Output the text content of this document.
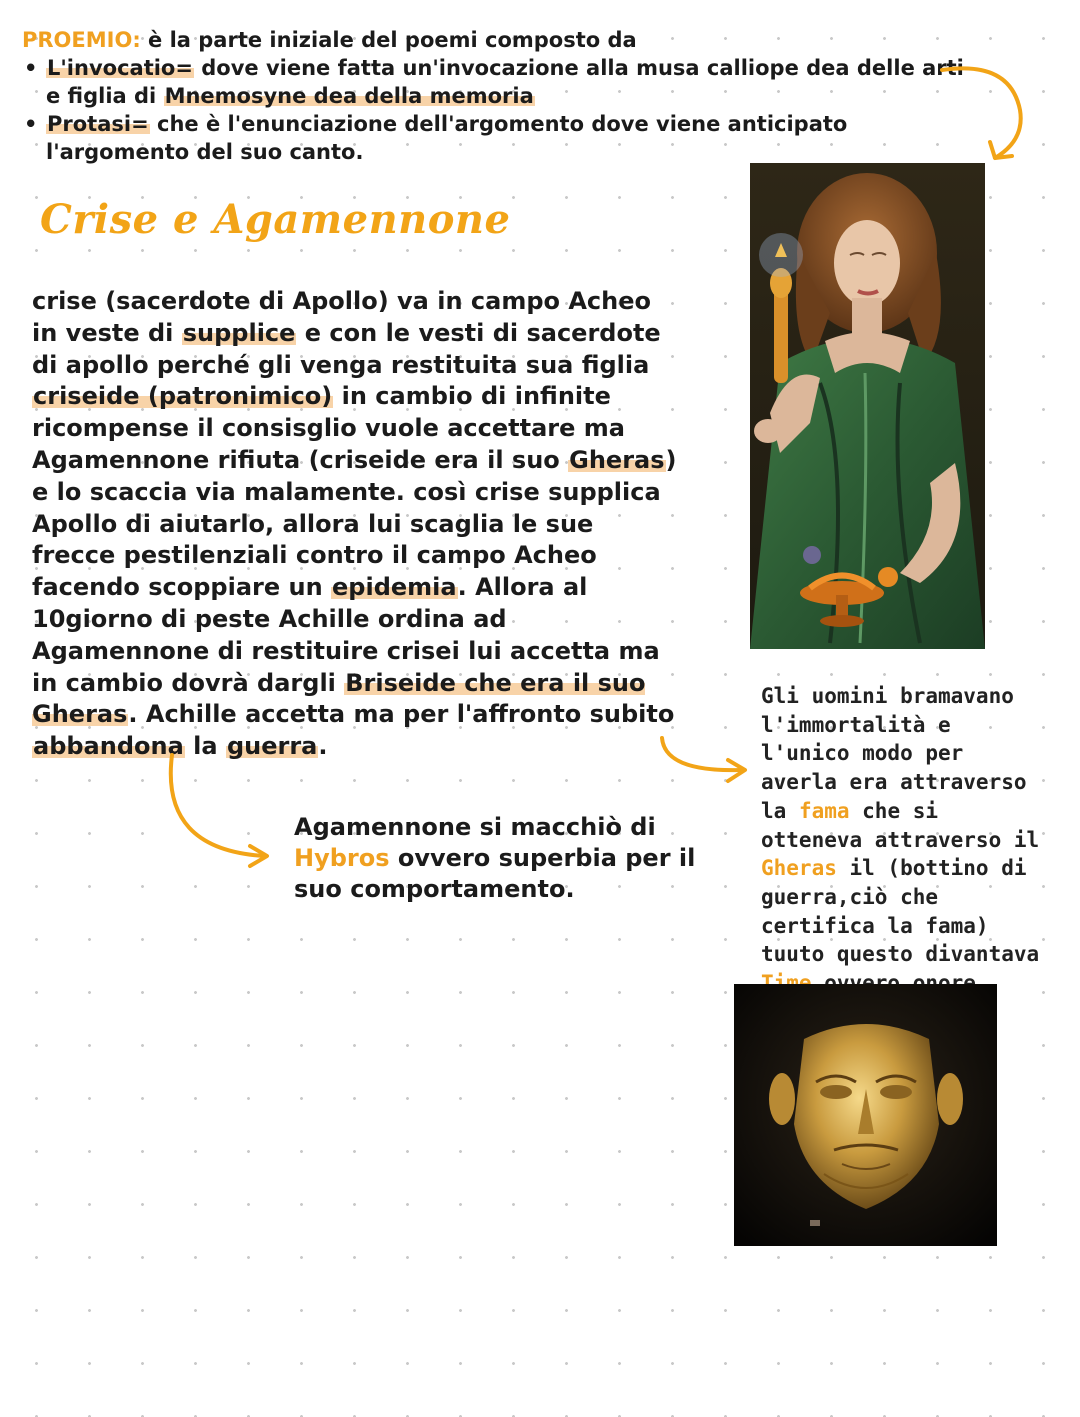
PROEMIO: è la parte iniziale del poemi composto da
• L'invocatio= dove viene fatta un'invocazione alla musa calliope dea delle arti e figlia di Mnemosyne dea della memoria
• Protasi= che è l'enunciazione dell'argomento dove viene anticipato l'argomento del suo canto.
Crise e Agamennone
crise (sacerdote di Apollo) va in campo Acheo in veste di supplice e con le vesti di sacerdote di apollo perché gli venga restituita sua figlia criseide (patronimico) in cambio di infinite ricompense il consisglio vuole accettare ma Agamennone rifiuta (criseide era il suo Gheras) e lo scaccia via malamente. così crise supplica Apollo di aiutarlo, allora lui scaglia le sue frecce pestilenziali contro il campo Acheo facendo scoppiare un epidemia. Allora al 10giorno di peste Achille ordina ad Agamennone di restituire crisei lui accetta ma in cambio dovrà dargli Briseide che era il suo Gheras. Achille accetta ma per l'affronto subito abbandona la guerra.
Agamennone si macchiò di Hybros ovvero superbia per il suo comportamento.
Gli uomini bramavano l'immortalità e l'unico modo per averla era attraverso la fama che si otteneva attraverso il Gheras il (bottino di guerra,ciò che certifica la fama) tuuto questo divantava
